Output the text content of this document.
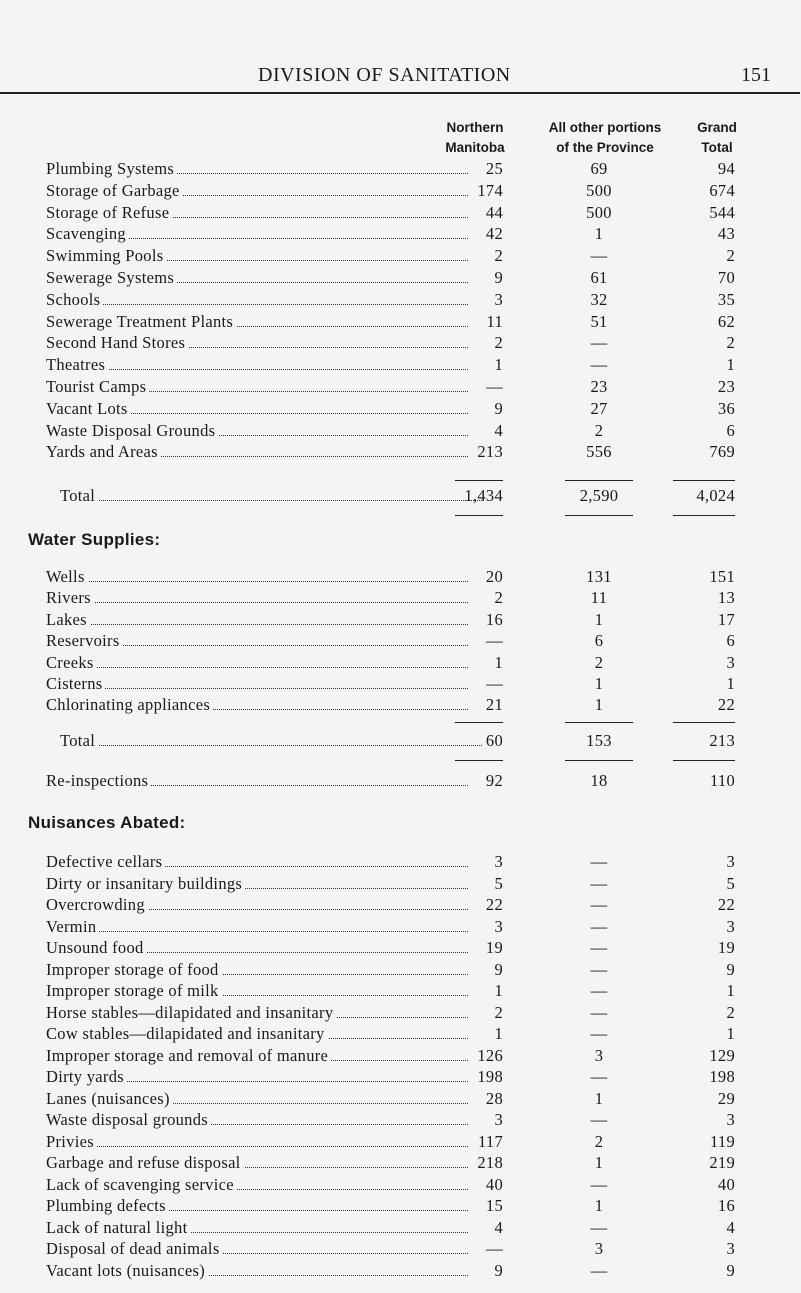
DIVISION OF SANITATION	151
Northern
Manitoba
All other portions
of the Province
Grand
Total
Plumbing Systems	25	69	94
Storage of Garbage	174	500	674
Storage of Refuse	44	500	544
Scavenging	42	1	43
Swimming Pools	2	—	2
Sewerage Systems	9	61	70
Schools	3	32	35
Sewerage Treatment Plants	11	51	62
Second Hand Stores	2	—	2
Theatres	1	—	1
Tourist Camps	—	23	23
Vacant Lots	9	27	36
Waste Disposal Grounds	4	2	6
Yards and Areas	213	556	769
Total	1,434	2,590	4,024
Water Supplies:
Wells	20	131	151
Rivers	2	11	13
Lakes	16	1	17
Reservoirs	—	6	6
Creeks	1	2	3
Cisterns	—	1	1
Chlorinating appliances	21	1	22
Total	60	153	213
Re-inspections	92	18	110
Nuisances Abated:
Defective cellars	3	—	3
Dirty or insanitary buildings	5	—	5
Overcrowding	22	—	22
Vermin	3	—	3
Unsound food	19	—	19
Improper storage of food	9	—	9
Improper storage of milk	1	—	1
Horse stables—dilapidated and insanitary	2	—	2
Cow stables—dilapidated and insanitary	1	—	1
Improper storage and removal of manure	126	3	129
Dirty yards	198	—	198
Lanes (nuisances)	28	1	29
Waste disposal grounds	3	—	3
Privies	117	2	119
Garbage and refuse disposal	218	1	219
Lack of scavenging service	40	—	40
Plumbing defects	15	1	16
Lack of natural light	4	—	4
Disposal of dead animals	—	3	3
Vacant lots (nuisances)	9	—	9
